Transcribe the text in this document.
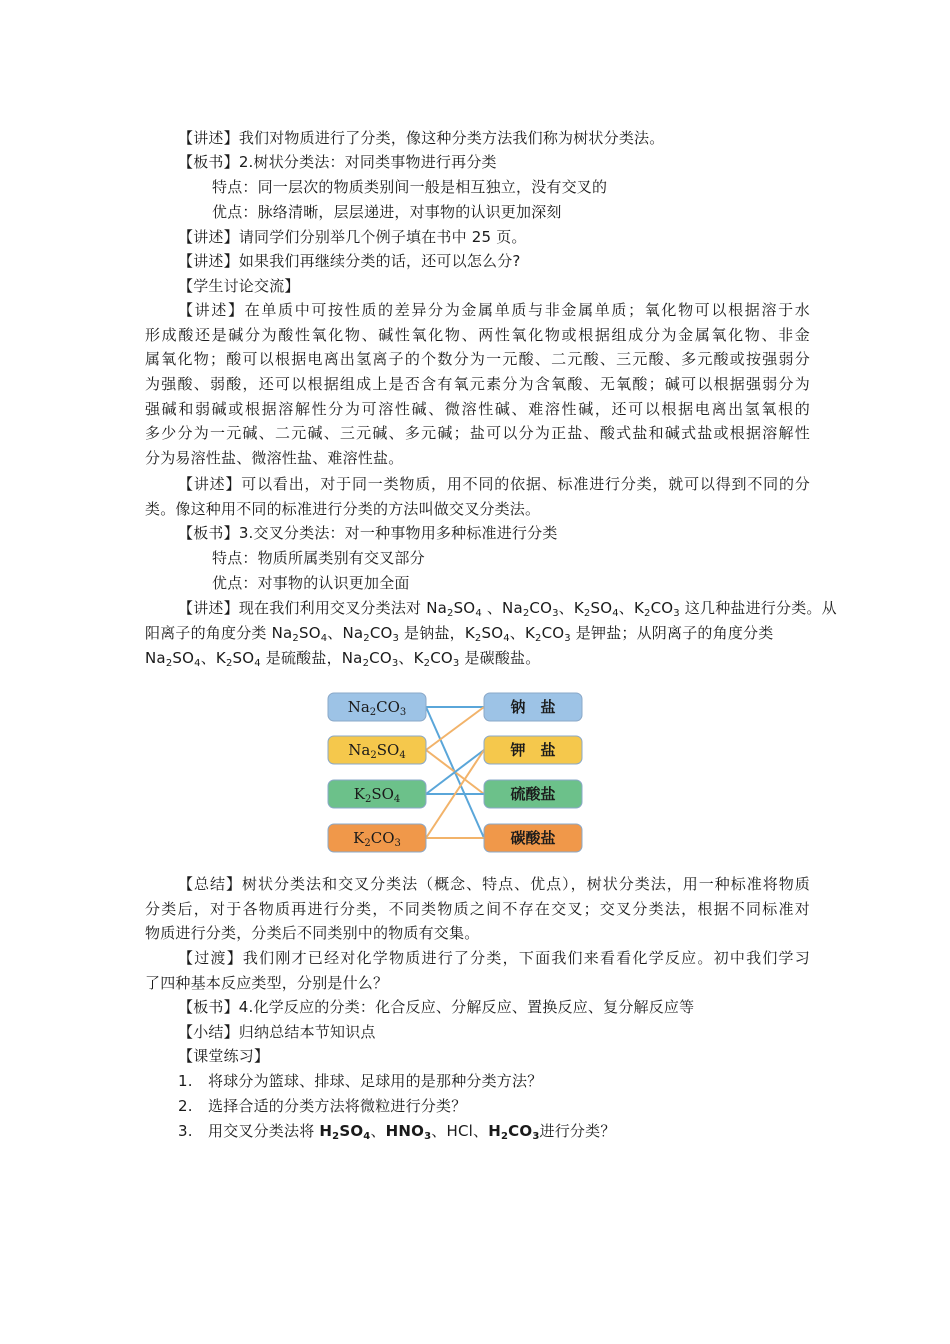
【讲述】我们对物质进行了分类，像这种分类方法我们称为树状分类法。
【板书】2.树状分类法：对同类事物进行再分类
特点：同一层次的物质类别间一般是相互独立，没有交叉的
优点：脉络清晰，层层递进，对事物的认识更加深刻
【讲述】请同学们分别举几个例子填在书中 25 页。
【讲述】如果我们再继续分类的话，还可以怎么分?
【学生讨论交流】
【讲述】在单质中可按性质的差异分为金属单质与非金属单质；氧化物可以根据溶于水
形成酸还是碱分为酸性氧化物、碱性氧化物、两性氧化物或根据组成分为金属氧化物、非金
属氧化物；酸可以根据电离出氢离子的个数分为一元酸、二元酸、三元酸、多元酸或按强弱分
为强酸、弱酸，还可以根据组成上是否含有氧元素分为含氧酸、无氧酸；碱可以根据强弱分为
强碱和弱碱或根据溶解性分为可溶性碱、微溶性碱、难溶性碱，还可以根据电离出氢氧根的
多少分为一元碱、二元碱、三元碱、多元碱；盐可以分为正盐、酸式盐和碱式盐或根据溶解性
分为易溶性盐、微溶性盐、难溶性盐。
【讲述】可以看出，对于同一类物质，用不同的依据、标准进行分类，就可以得到不同的分
类。像这种用不同的标准进行分类的方法叫做交叉分类法。
【板书】3.交叉分类法：对一种事物用多种标准进行分类
特点：物质所属类别有交叉部分
优点：对事物的认识更加全面
【讲述】现在我们利用交叉分类法对 $Na_2SO_4$ 、$Na_2CO_3$、$K_2SO_4$、$K_2CO_3$ 这几种盐进行分类。从
阳离子的角度分类 $Na_2SO_4$、$Na_2CO_3$ 是钠盐，$K_2SO_4$、$K_2CO_3$ 是钾盐；从阴离子的角度分类
$Na_2SO_4$、$K_2SO_4$ 是硫酸盐，$Na_2CO_3$、$K_2CO_3$ 是碳酸盐。
Na2CO3
Na2SO4
K2SO4
K2CO3
钠　盐
钾　盐
硫酸盐
碳酸盐
【总结】树状分类法和交叉分类法（概念、特点、优点），树状分类法，用一种标准将物质
分类后，对于各物质再进行分类，不同类物质之间不存在交叉；交叉分类法，根据不同标准对
物质进行分类，分类后不同类别中的物质有交集。
【过渡】我们刚才已经对化学物质进行了分类，下面我们来看看化学反应。初中我们学习
了四种基本反应类型，分别是什么？
【板书】4.化学反应的分类：化合反应、分解反应、置换反应、复分解反应等
【小结】归纳总结本节知识点
【课堂练习】
1. 将球分为篮球、排球、足球用的是那种分类方法？
2. 选择合适的分类方法将微粒进行分类？
3. 用交叉分类法将 $H_2SO_4$、$HNO_3$、HCl、$H_2CO_3$进行分类？
